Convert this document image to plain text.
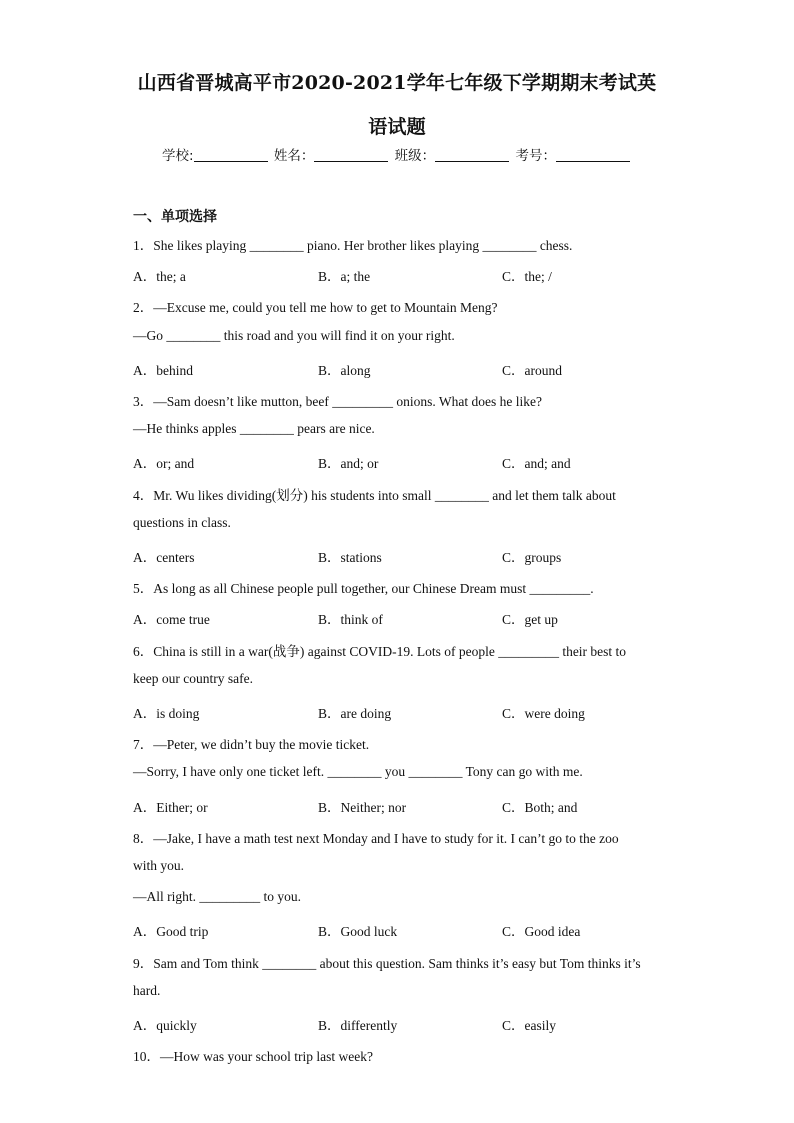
山西省晋城高平市2020-2021学年七年级下学期期末考试英
语试题
学校:	姓名：	班级：	考号：
一、单项选择
1．She likes playing ________ piano. Her brother likes playing ________ chess.
A．the; a	B．a; the	C．the; /
2．—Excuse me, could you tell me how to get to Mountain Meng?
—Go ________ this road and you will find it on your right.
A．behind	B．along	C．around
3．—Sam doesn’t like mutton, beef _________ onions. What does he like?
—He thinks apples ________ pears are nice.
A．or; and	B．and; or	C．and; and
4．Mr. Wu likes dividing(划分) his students into small ________ and let them talk about
questions in class.
A．centers	B．stations	C．groups
5．As long as all Chinese people pull together, our Chinese Dream must _________.
A．come true	B．think of	C．get up
6．China is still in a war(战争) against COVID-19. Lots of people _________ their best to
keep our country safe.
A．is doing	B．are doing	C．were doing
7．—Peter, we didn’t buy the movie ticket.
—Sorry, I have only one ticket left. ________ you ________ Tony can go with me.
A．Either; or	B．Neither; nor	C．Both; and
8．—Jake, I have a math test next Monday and I have to study for it. I can’t go to the zoo
with you.
—All right. _________ to you.
A．Good trip	B．Good luck	C．Good idea
9．Sam and Tom think ________ about this question. Sam thinks it’s easy but Tom thinks it’s
hard.
A．quickly	B．differently	C．easily
10．—How was your school trip last week?
